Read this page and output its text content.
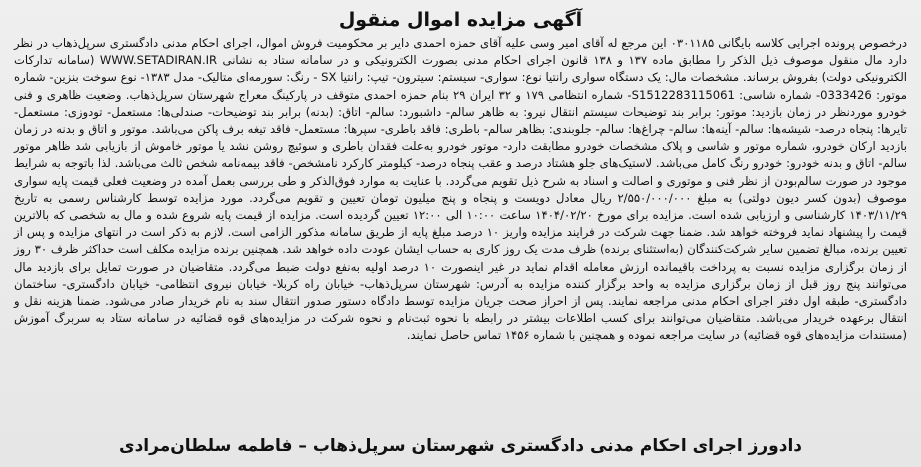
آگهی مزایده اموال منقول

درخصوص پرونده اجرایی کلاسه بایگانی ۰۳۰۱۱۸۵ این مرجع له آقای امیر وسی علیه آقای حمزه احمدی دایر بر محکومیت فروش اموال، اجرای احکام مدنی دادگستری سرپل‌ذهاب در نظر دارد مال منقول موصوف ذیل الذکر را مطابق ماده ۱۳۷ و ۱۳۸ قانون اجرای احکام مدنی بصورت الکترونیکی و در سامانه ستاد به نشانی WWW.SETADIRAN.IR (سامانه تدارکات الکترونیکی دولت) بفروش برساند. مشخصات مال: یک دستگاه سواری رانتیا نوع: سواری- سیستم: سیترون- تیپ: رانتیا SX - رنگ: سورمه‌ای متالیک- مدل ۱۳۸۳- نوع سوخت بنزین- شماره موتور: 0333426- شماره شاسی: S1512283115061- شماره انتظامی ۱۷۹ و ۳۲ ایران ۲۹ بنام حمزه احمدی متوقف در پارکینگ معراج شهرستان سرپل‌ذهاب. وضعیت ظاهری و فنی خودرو موردنظر در زمان بازدید: موتور: برابر بند توضیحات سیستم انتقال نیرو: به ظاهر سالم- داشبورد: سالم- اتاق: (بدنه) برابر بند توضیحات- صندلی‌ها: مستعمل- تودوزی: مستعمل- تایرها: پنجاه درصد- شیشه‌ها: سالم- آینه‌ها: سالم- چراغ‌ها: سالم- جلوبندی: بظاهر سالم- باطری: فاقد باطری- سپرها: مستعمل- فاقد تیغه برف پاکن می‌باشد. موتور و اتاق و بدنه در زمان بازدید ارکان خودرو، شماره موتور و شاسی و پلاک مشخصات خودرو مطابقت دارد- موتور خودرو به‌علت فقدان باطری و سوئیچ روشن نشد یا موتور خاموش از بازیابی شد ظاهر موتور سالم- اتاق و بدنه خودرو: خودرو رنگ کامل می‌باشد. لاستیک‌های جلو هشتاد درصد و عقب پنجاه درصد- کیلومتر کارکرد نامشخص- فاقد بیمه‌نامه شخص ثالث می‌باشد. لذا باتوجه به شرایط موجود در صورت سالم‌بودن از نظر فنی و موتوری و اصالت و اسناد به شرح ذیل تقویم می‌گردد. با عنایت به موارد فوق‌الذکر و طی بررسی بعمل آمده در وضعیت فعلی قیمت پایه سواری موصوف (بدون کسر دیون دولتی) به مبلغ ۲/۵۵۰/۰۰۰/۰۰۰ ریال معادل دویست و پنجاه و پنج میلیون تومان تعیین و تقویم می‌گردد. مورد مزایده توسط کارشناس رسمی به تاریخ ۱۴۰۳/۱۱/۲۹ کارشناسی و ارزیابی شده است. مزایده برای مورخ ۱۴۰۴/۰۲/۲۰ ساعت ۱۰:۰۰ الی ۱۲:۰۰ تعیین گردیده است. مزایده از قیمت پایه شروع شده و مال به شخصی که بالاترین قیمت را پیشنهاد نماید فروخته خواهد شد. ضمنا جهت شرکت در فرایند مزایده واریز ۱۰ درصد مبلغ پایه از طریق سامانه مذکور الزامی است. لازم به ذکر است در انتهای مزایده و پس از تعیین برنده، مبالغ تضمین سایر شرکت‌کنندگان (به‌استثنای برنده) ظرف مدت یک روز کاری به حساب ایشان عودت داده خواهد شد. همچنین برنده مزایده مکلف است حداکثر ظرف ۳۰ روز از زمان برگزاری مزایده نسبت به پرداخت باقیمانده ارزش معامله اقدام نماید در غیر اینصورت ۱۰ درصد اولیه به‌نفع دولت ضبط می‌گردد. متقاضیان در صورت تمایل برای بازدید مال می‌توانند پنج روز قبل از زمان برگزاری مزایده به واحد برگزار کننده مزایده به آدرس: شهرستان سرپل‌ذهاب- خیابان راه کربلا- خیابان نیروی انتظامی- خیابان دادگستری- ساختمان دادگستری- طبقه اول دفتر اجرای احکام مدنی مراجعه نمایند. پس از احراز صحت جریان مزایده توسط دادگاه دستور صدور انتقال سند به نام خریدار صادر می‌شود. ضمنا هزینه نقل و انتقال برعهده خریدار می‌باشد. متقاضیان می‌توانند برای کسب اطلاعات بیشتر در رابطه با نحوه ثبت‌نام و نحوه شرکت در مزایده‌های قوه قضائیه در سامانه ستاد به سربرگ آموزش (مستندات مزایده‌های قوه قضائیه) در سایت مراجعه نموده و همچنین با شماره ۱۴۵۶ تماس حاصل نمایند.

دادورز اجرای احکام مدنی دادگستری شهرستان سرپل‌ذهاب – فاطمه سلطان‌مرادی
